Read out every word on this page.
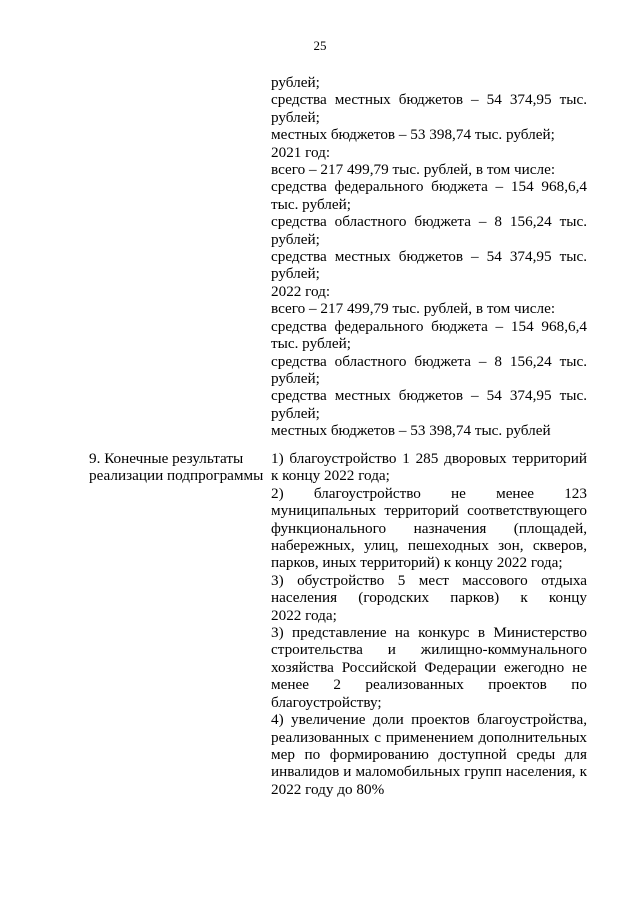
25

рублей;

средства местных бюджетов – 54 374,95 тыс.

рублей;

местных бюджетов – 53 398,74 тыс. рублей;

2021 год:

всего – 217 499,79 тыс. рублей, в том числе:

средства федерального бюджета – 154 968,6,4

тыс. рублей;

средства областного бюджета – 8 156,24 тыс.

рублей;

средства местных бюджетов – 54 374,95 тыс.

рублей;

2022 год:

всего – 217 499,79 тыс. рублей, в том числе:

средства федерального бюджета – 154 968,6,4

тыс. рублей;

средства областного бюджета – 8 156,24 тыс.

рублей;

средства местных бюджетов – 54 374,95 тыс.

рублей;

местных бюджетов – 53 398,74 тыс. рублей

9. Конечные результаты
реализации подпрограммы

1) благоустройство 1 285 дворовых территорий

к концу 2022 года;

2) благоустройство не менее 123

муниципальных территорий соответствующего

функционального назначения (площадей,

набережных, улиц, пешеходных зон, скверов,

парков, иных территорий) к концу 2022 года;

3) обустройство 5 мест массового отдыха

населения (городских парков) к концу

2022 года;

3) представление на конкурс в Министерство

строительства и жилищно-коммунального

хозяйства Российской Федерации ежегодно не

менее 2 реализованных проектов по

благоустройству;

4) увеличение доли проектов благоустройства,

реализованных с применением дополнительных

мер по формированию доступной среды для

инвалидов и маломобильных групп населения, к

2022 году до 80%
